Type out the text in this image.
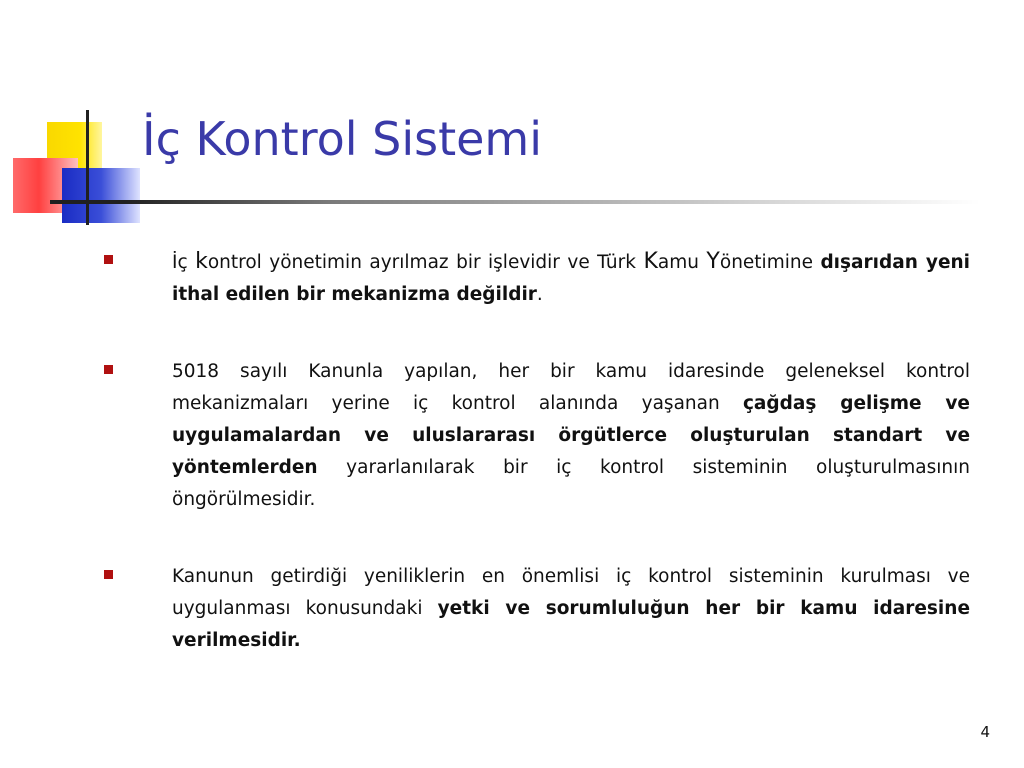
İç Kontrol Sistemi
İç kontrol yönetimin ayrılmaz bir işlevidir ve Türk Kamu Yönetimine dışarıdan yeni ithal edilen bir mekanizma değildir.
5018 sayılı Kanunla yapılan, her bir kamu idaresinde geleneksel kontrol mekanizmaları yerine iç kontrol alanında yaşanan çağdaş gelişme ve uygulamalardan ve uluslararası örgütlerce oluşturulan standart ve yöntemlerden yararlanılarak bir iç kontrol sisteminin oluşturulmasının öngörülmesidir.
Kanunun getirdiği yeniliklerin en önemlisi iç kontrol sisteminin kurulması ve uygulanması konusundaki yetki ve sorumluluğun her bir kamu idaresine verilmesidir.
4
